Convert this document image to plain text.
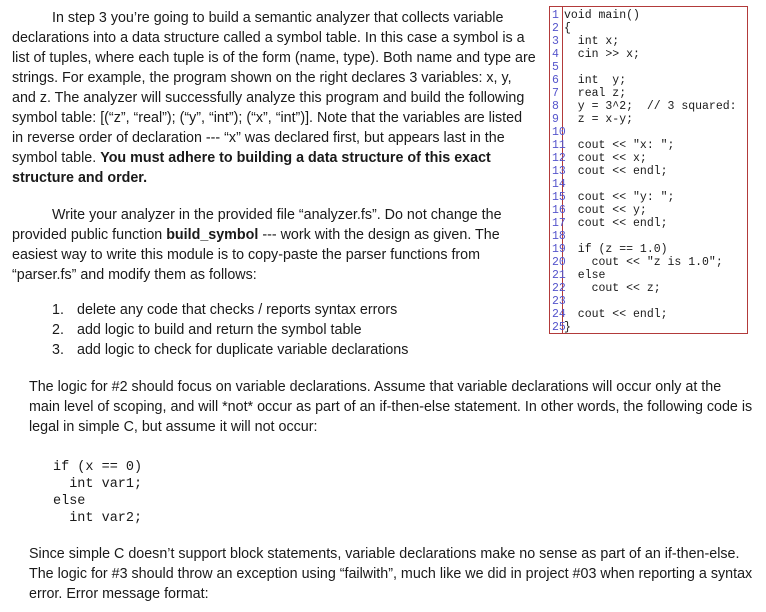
In step 3 you’re going to build a semantic analyzer that collects variable declarations into a data structure called a symbol table. In this case a symbol is a list of tuples, where each tuple is of the form (name, type). Both name and type are strings. For example, the program shown on the right declares 3 variables: x, y, and z. The analyzer will successfully analyze this program and build the following symbol table: [(“z”, “real”); (“y”, “int”); (“x”, “int”)]. Note that the variables are listed in reverse order of declaration --- “x” was declared first, but appears last in the symbol table. You must adhere to building a data structure of this exact structure and order.

Write your analyzer in the provided file “analyzer.fs”. Do not change the provided public function build_symbol --- work with the design as given. The easiest way to write this module is to copy-paste the parser functions from “parser.fs” and modify them as follows:

1. delete any code that checks / reports syntax errors
2. add logic to build and return the symbol table
3. add logic to check for duplicate variable declarations

The logic for #2 should focus on variable declarations. Assume that variable declarations will occur only at the main level of scoping, and will *not* occur as part of an if-then-else statement. In other words, the following code is legal in simple C, but assume it will not occur:

if (x == 0)
int var1;
else
int var2;

Since simple C doesn’t support block statements, variable declarations make no sense as part of an if-then-else. The logic for #3 should throw an exception using “failwith”, much like we did in project #03 when reporting a syntax error. Error message format:

1 void main()
2 {
3 int x;
4 cin >> x;
5
6 int  y;
7 real z;
8 y = 3^2;  // 3 squared:
9 z = x-y;
10
11
cout << "x: ";
12
cout << x;
13
cout << endl;
14
15
cout << "y: ";
16
cout << y;
17
cout << endl;
18
19
if (z == 1.0)
20
cout << "z is 1.0";
21
else
22
cout << z;
23
24
cout << endl;
25
}
